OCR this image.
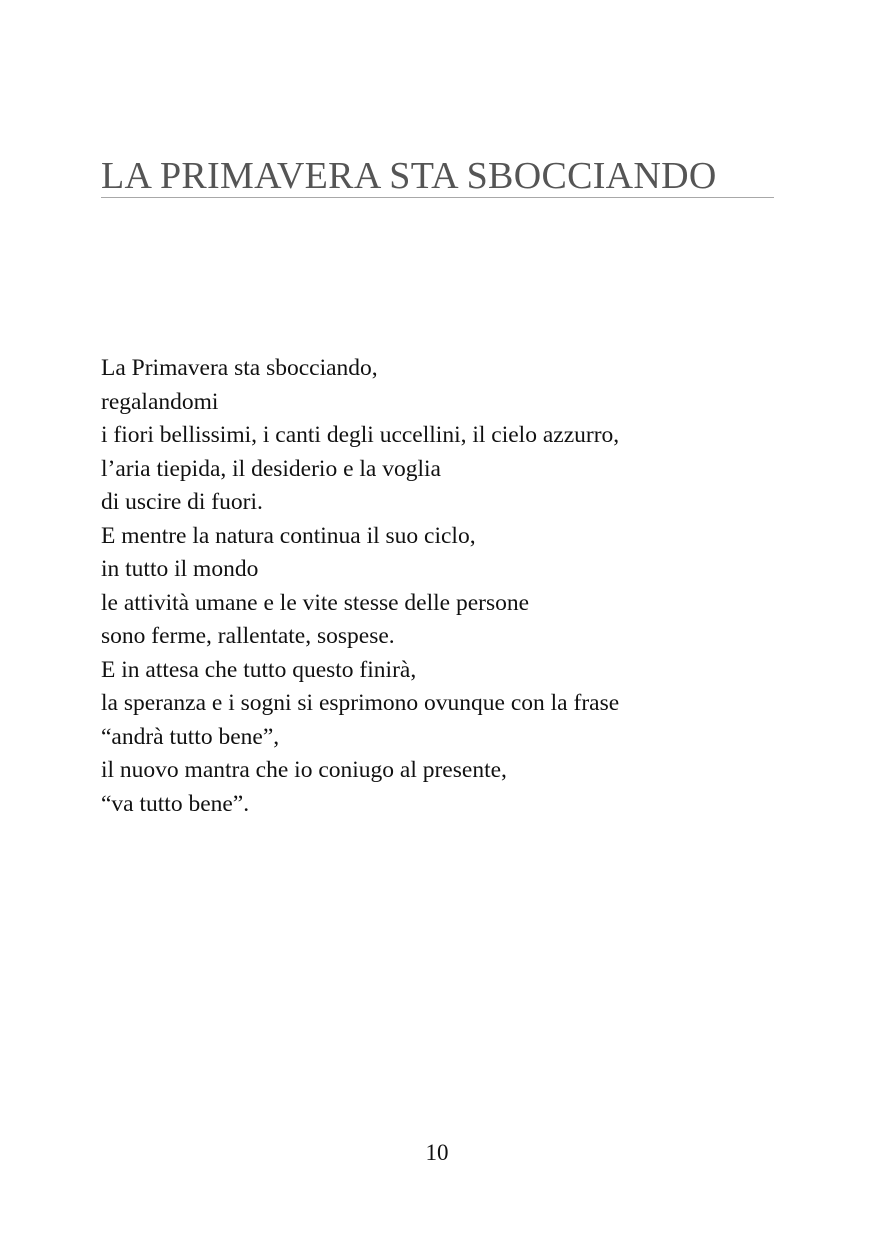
LA PRIMAVERA STA SBOCCIANDO
La Primavera sta sbocciando,
regalandomi
i fiori bellissimi, i canti degli uccellini, il cielo azzurro,
l’aria tiepida, il desiderio e la voglia
di uscire di fuori.
E mentre la natura continua il suo ciclo,
in tutto il mondo
le attività umane e le vite stesse delle persone
sono ferme, rallentate, sospese.
E in attesa che tutto questo finirà,
la speranza e i sogni si esprimono ovunque con la frase
“andrà tutto bene”,
il nuovo mantra che io coniugo al presente,
“va tutto bene”.
10
